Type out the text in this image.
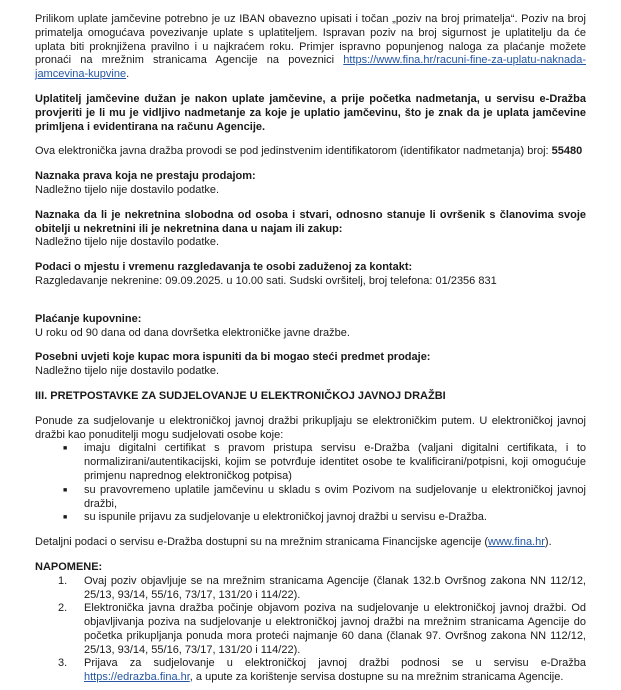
Prilikom uplate jamčevine potrebno je uz IBAN obavezno upisati i točan „poziv na broj primatelja“. Poziv na broj primatelja omogućava povezivanje uplate s uplatiteljem. Ispravan poziv na broj sigurnost je uplatitelju da će uplata biti proknjižena pravilno i u najkraćem roku. Primjer ispravno popunjenog naloga za plaćanje možete pronaći na mrežnim stranicama Agencije na poveznici https://www.fina.hr/racuni-fine-za-uplatu-naknada-jamcevina-kupvine.

Uplatitelj jamčevine dužan je nakon uplate jamčevine, a prije početka nadmetanja, u servisu e-Dražba provjeriti je li mu je vidljivo nadmetanje za koje je uplatio jamčevinu, što je znak da je uplata jamčevine primljena i evidentirana na računu Agencije.

Ova elektronička javna dražba provodi se pod jedinstvenim identifikatorom (identifikator nadmetanja) broj: 55480

Naznaka prava koja ne prestaju prodajom:
Nadležno tijelo nije dostavilo podatke.
Naznaka da li je nekretnina slobodna od osoba i stvari, odnosno stanuje li ovršenik s članovima svoje obitelji u nekretnini ili je nekretnina dana u najam ili zakup:
Nadležno tijelo nije dostavilo podatke.
Podaci o mjestu i vremenu razgledavanja te osobi zaduženoj za kontakt:
Razgledavanje nekrenine: 09.09.2025. u 10.00 sati. Sudski ovršitelj, broj telefona: 01/2356 831
Plaćanje kupovnine:
U roku od 90 dana od dana dovršetka elektroničke javne dražbe.
Posebni uvjeti koje kupac mora ispuniti da bi mogao steći predmet prodaje:
Nadležno tijelo nije dostavilo podatke.
III. PRETPOSTAVKE ZA SUDJELOVANJE U ELEKTRONIČKOJ JAVNOJ DRAŽBI

Ponude za sudjelovanje u elektroničkoj javnoj dražbi prikupljaju se elektroničkim putem. U elektroničkoj javnoj dražbi kao ponuditelji mogu sudjelovati osobe koje:

■	imaju digitalni certifikat s pravom pristupa servisu e-Dražba (valjani digitalni certifikata, i to normalizirani/autentikacijski, kojim se potvrđuje identitet osobe te kvalificirani/potpisni, koji omogućuje primjenu naprednog elektroničkog potpisa)
■	su pravovremeno uplatile jamčevinu u skladu s ovim Pozivom na sudjelovanje u elektroničkoj javnoj dražbi,
■	su ispunile prijavu za sudjelovanje u elektroničkoj javnoj dražbi u servisu e-Dražba.

Detaljni podaci o servisu e-Dražba dostupni su na mrežnim stranicama Financijske agencije (www.fina.hr).

NAPOMENE:
1.	Ovaj poziv objavljuje se na mrežnim stranicama Agencije (članak 132.b Ovršnog zakona NN 112/12, 25/13, 93/14, 55/16, 73/17, 131/20 i 114/22).
2.	Elektronička javna dražba počinje objavom poziva na sudjelovanje u elektroničkoj javnoj dražbi. Od objavljivanja poziva na sudjelovanje u elektroničkoj javnoj dražbi na mrežnim stranicama Agencije do početka prikupljanja ponuda mora proteći najmanje 60 dana (članak 97. Ovršnog zakona NN 112/12, 25/13, 93/14, 55/16, 73/17, 131/20 i 114/22).
3.	Prijava za sudjelovanje u elektroničkoj javnoj dražbi podnosi se u servisu e-Dražba https://edrazba.fina.hr, a upute za korištenje servisa dostupne su na mrežnim stranicama Agencije.
